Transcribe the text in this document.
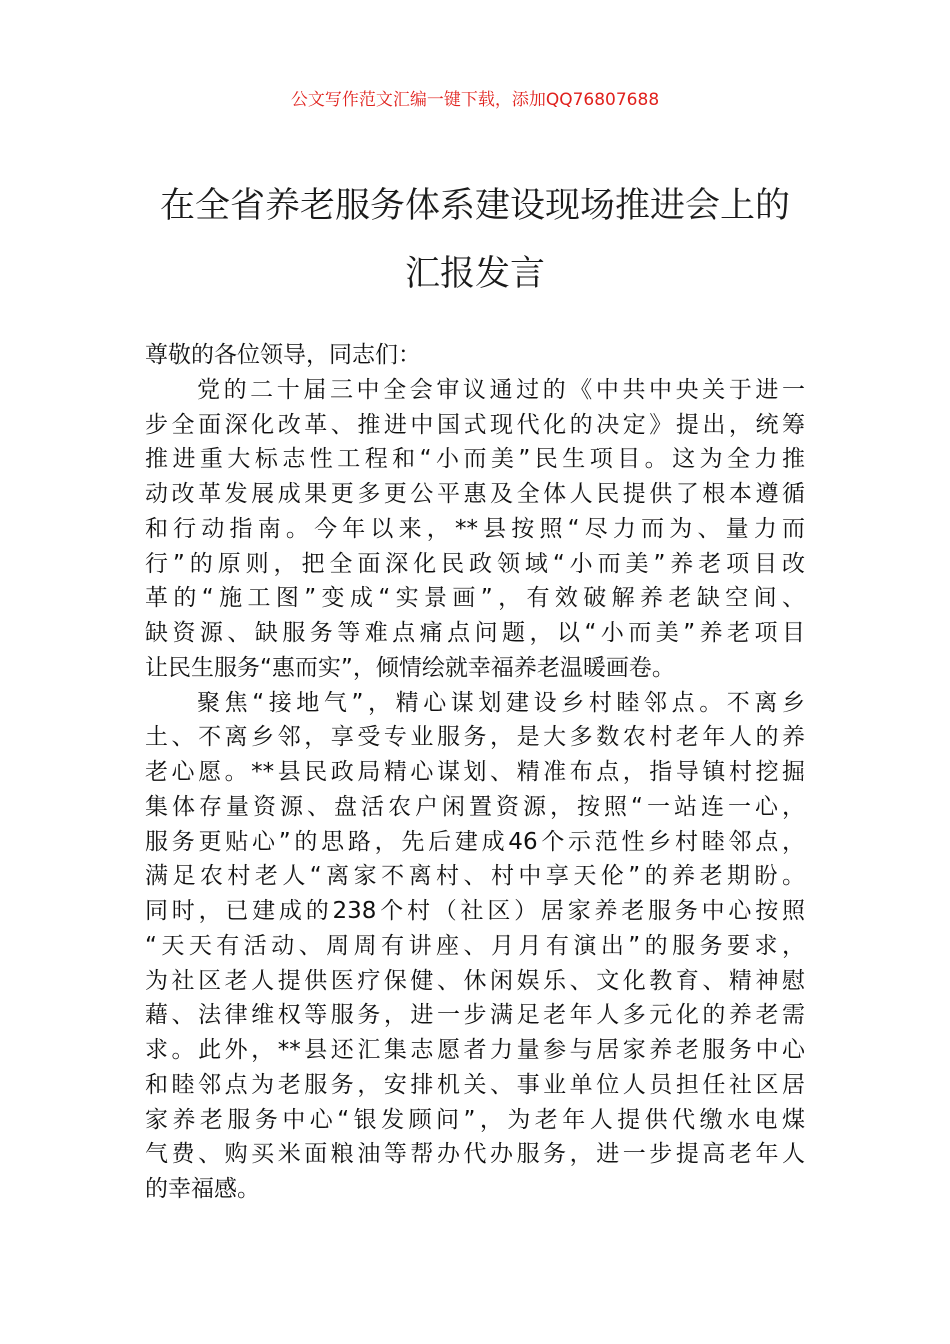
公文写作范文汇编一键下载，添加QQ76807688
在全省养老服务体系建设现场推进会上的
汇报发言
尊敬的各位领导，同志们：
党的二十届三中全会审议通过的《中共中央关于进一
步全面深化改革、推进中国式现代化的决定》提出，统筹
推进重大标志性工程和“小而美”民生项目。这为全力推
动改革发展成果更多更公平惠及全体人民提供了根本遵循
和行动指南。今年以来，**县按照“尽力而为、量力而
行”的原则，把全面深化民政领域“小而美”养老项目改
革的“施工图”变成“实景画”，有效破解养老缺空间、
缺资源、缺服务等难点痛点问题，以“小而美”养老项目
让民生服务“惠而实”，倾情绘就幸福养老温暖画卷。
聚焦“接地气”，精心谋划建设乡村睦邻点。不离乡
土、不离乡邻，享受专业服务，是大多数农村老年人的养
老心愿。**县民政局精心谋划、精准布点，指导镇村挖掘
集体存量资源、盘活农户闲置资源，按照“一站连一心，
服务更贴心”的思路，先后建成46个示范性乡村睦邻点，
满足农村老人“离家不离村、村中享天伦”的养老期盼。
同时，已建成的238个村（社区）居家养老服务中心按照
“天天有活动、周周有讲座、月月有演出”的服务要求，
为社区老人提供医疗保健、休闲娱乐、文化教育、精神慰
藉、法律维权等服务，进一步满足老年人多元化的养老需
求。此外，**县还汇集志愿者力量参与居家养老服务中心
和睦邻点为老服务，安排机关、事业单位人员担任社区居
家养老服务中心“银发顾问”，为老年人提供代缴水电煤
气费、购买米面粮油等帮办代办服务，进一步提高老年人
的幸福感。
